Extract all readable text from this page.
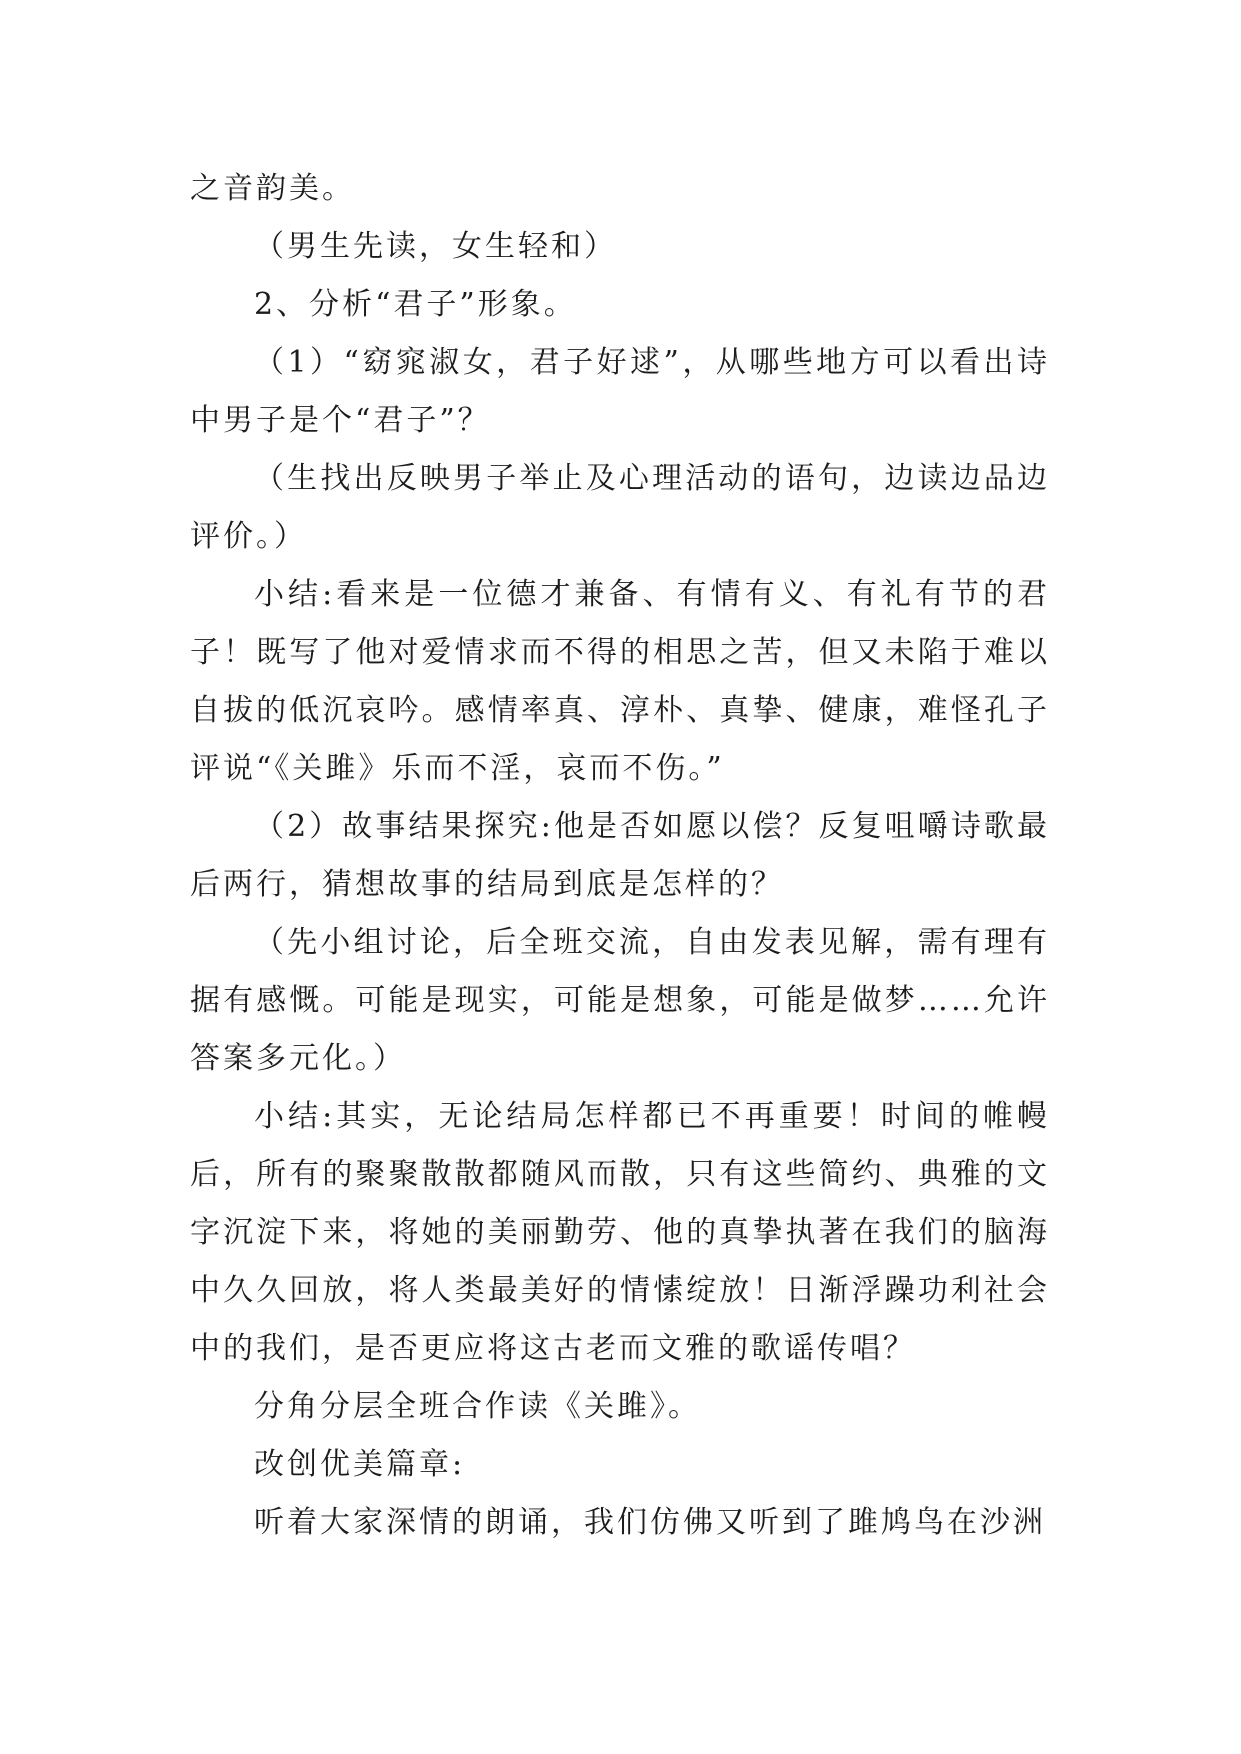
之音韵美。

（男生先读，女生轻和）

2、分析“君子”形象。

（1）“窈窕淑女，君子好逑”，从哪些地方可以看出诗中男子是个“君子”？

（生找出反映男子举止及心理活动的语句，边读边品边评价。）

小结:看来是一位德才兼备、有情有义、有礼有节的君子！既写了他对爱情求而不得的相思之苦，但又未陷于难以自拔的低沉哀吟。感情率真、淳朴、真挚、健康，难怪孔子评说“《关雎》乐而不淫，哀而不伤。”

（2）故事结果探究:他是否如愿以偿？反复咀嚼诗歌最后两行，猜想故事的结局到底是怎样的？

（先小组讨论，后全班交流，自由发表见解，需有理有据有感慨。可能是现实，可能是想象，可能是做梦……允许答案多元化。）

小结:其实，无论结局怎样都已不再重要！时间的帷幔后，所有的聚聚散散都随风而散，只有这些简约、典雅的文字沉淀下来，将她的美丽勤劳、他的真挚执著在我们的脑海中久久回放，将人类最美好的情愫绽放！日渐浮躁功利社会中的我们，是否更应将这古老而文雅的歌谣传唱？

分角分层全班合作读《关雎》。

改创优美篇章:

听着大家深情的朗诵，我们仿佛又听到了雎鸠鸟在沙洲
